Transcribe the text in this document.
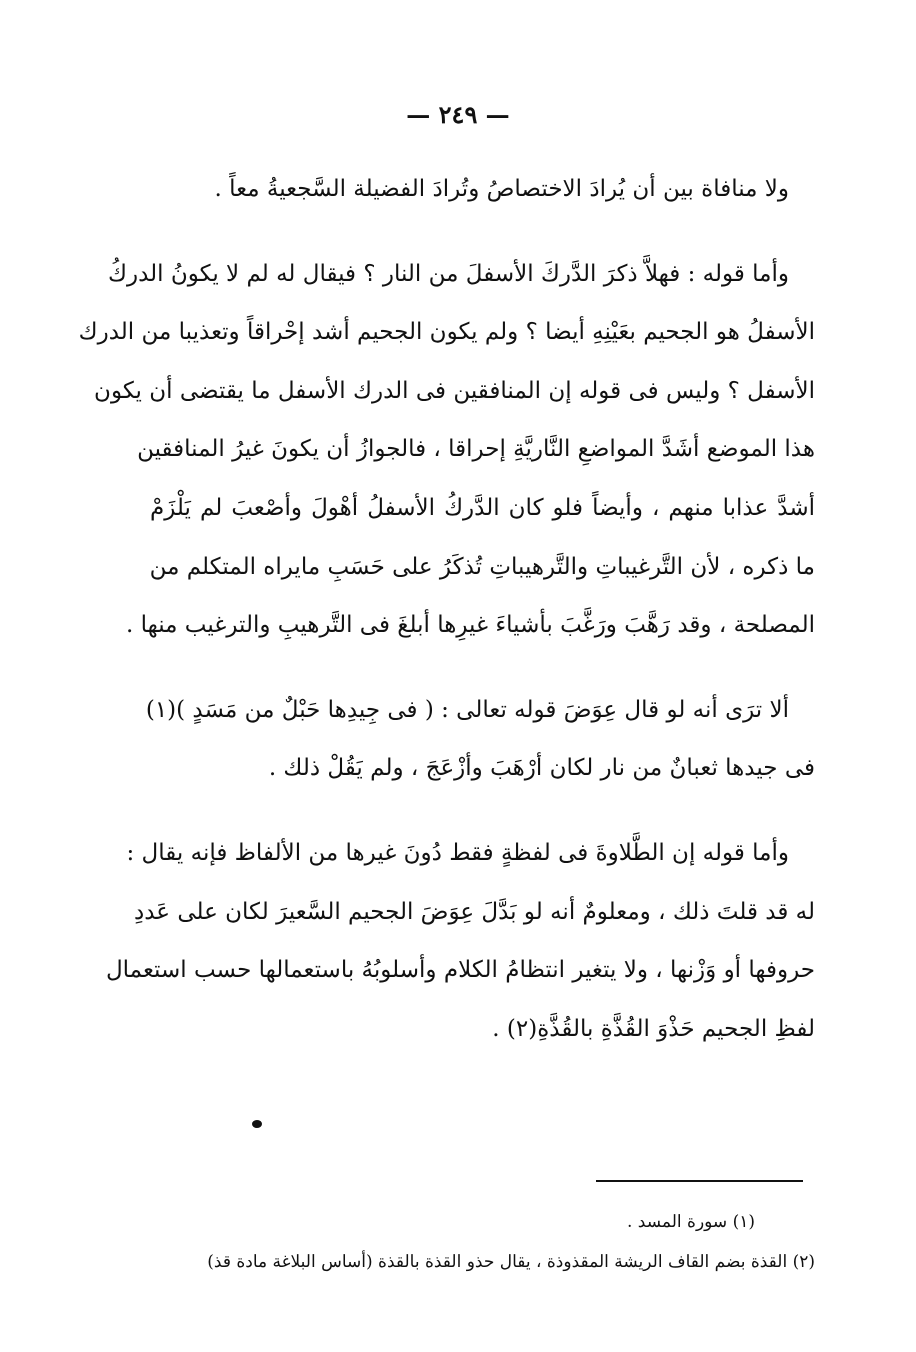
— ٢٤٩ —
ولا منافاة بين أن يُرادَ الاختصاصُ وتُرادَ الفضيلة السَّجعيةُ معاً .
وأما قوله : فهلاَّ ذكرَ الدَّركَ الأسفلَ من النار ؟ فيقال له لم لا يكونُ الدركُ
الأسفلُ هو الجحيم بعَيْنِهِ أيضا ؟ ولم يكون الجحيم أشد إحْراقاً وتعذيبا من الدرك
الأسفل ؟ وليس فى قوله إن المنافقين فى الدرك الأسفل ما يقتضى أن يكون
هذا الموضع أشَدَّ المواضعِ النَّاريَّةِ إحراقا ، فالجوازُ أن يكونَ غيرُ المنافقين
أشدَّ عذابا منهم ، وأيضاً فلو كان الدَّركُ الأسفلُ أهْولَ وأصْعبَ لم يَلْزَمْ
ما ذكره ، لأن التَّرغيباتِ والتَّرهيباتِ تُذكَرُ على حَسَبِ مايراه المتكلم من
المصلحة ، وقد رَهَّبَ ورَغَّبَ بأشياءَ غيرِها أبلغَ فى التَّرهيبِ والترغيب منها .
ألا ترَى أنه لو قال عِوَضَ قوله تعالى : ( فى جِيدِها حَبْلٌ من مَسَدٍ )(١)
فى جيدها ثعبانٌ من نار لكان أرْهَبَ وأزْعَجَ ، ولم يَقُلْ ذلك .
وأما قوله إن الطَّلاوةَ فى لفظةٍ فقط دُونَ غيرها من الألفاظ فإنه يقال :
له قد قلتَ ذلك ، ومعلومٌ أنه لو بَدَّلَ عِوَضَ الجحيم السَّعيرَ لكان على عَددِ
حروفها أو وَزْنها ، ولا يتغير انتظامُ الكلام وأسلوبُهُ باستعمالها حسب استعمال
لفظِ الجحيم حَذْوَ القُذَّةِ بالقُذَّةِ(٢) .
(١) سورة المسد .
(٢) القذة بضم القاف الريشة المقذوذة ، يقال حذو القذة بالقذة (أساس البلاغة مادة قذ)
